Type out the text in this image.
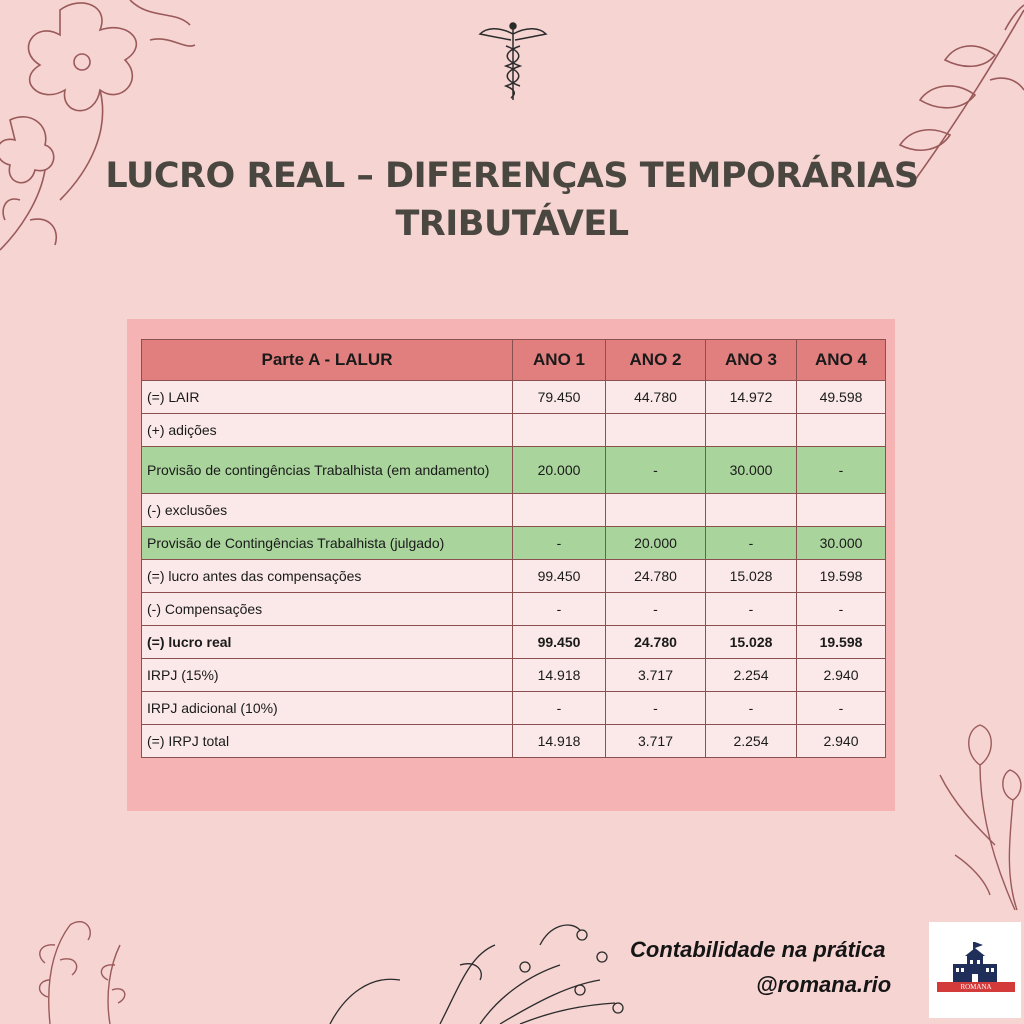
LUCRO REAL – DIFERENÇAS TEMPORÁRIAS
TRIBUTÁVEL
Parte A - LALUR	ANO 1	ANO 2	ANO 3	ANO 4
(=) LAIR	79.450	44.780	14.972	49.598
(+) adições				
Provisão de contingências Trabalhista (em andamento)	20.000	-	30.000	-
(-) exclusões				
Provisão de Contingências Trabalhista (julgado)	-	20.000	-	30.000
(=) lucro antes das compensações	99.450	24.780	15.028	19.598
(-) Compensações	-	-	-	-
(=) lucro real	99.450	24.780	15.028	19.598
IRPJ (15%)	14.918	3.717	2.254	2.940
IRPJ adicional (10%)	-	-	-	-
(=) IRPJ total	14.918	3.717	2.254	2.940
Contabilidade na prática
@romana.rio	ROMANA
